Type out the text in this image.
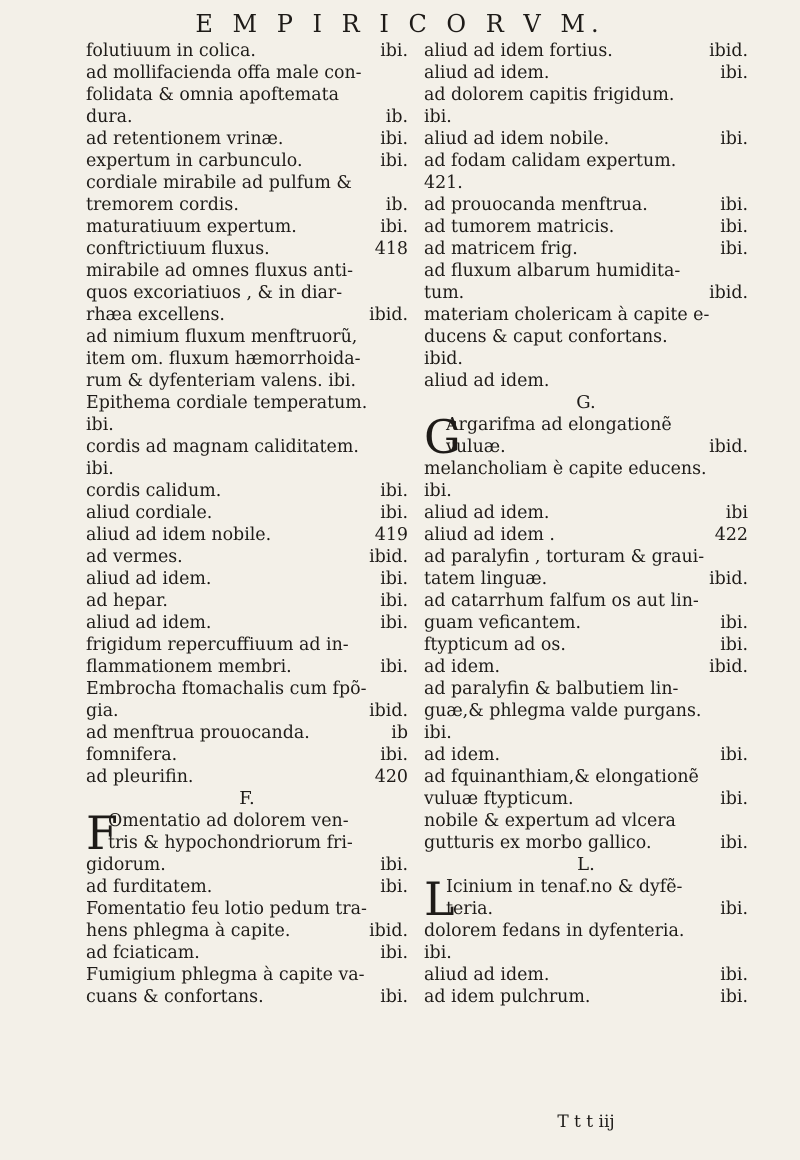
E M P I R I C O R V M.
folutiuum in colica.	ibi.
ad mollifacienda offa male con-
folidata & omnia apoftemata
dura.	ib.
ad retentionem vrinæ.	ibi.
expertum in carbunculo.	ibi.
cordiale mirabile ad pulfum &
tremorem cordis.	ib.
maturatiuum expertum.	ibi.
conftrictiuum fluxus.	418
mirabile ad omnes fluxus anti-
quos excoriatiuos , & in diar-
rhæa excellens.	ibid.
ad nimium fluxum menftruorũ,
item om. fluxum hæmorrhoida-
rum & dyfenteriam valens. ibi.
Epithema cordiale temperatum.
ibi.
cordis ad magnam caliditatem.
ibi.
cordis calidum.	ibi.
aliud cordiale.	ibi.
aliud ad idem nobile.	419
ad vermes.	ibid.
aliud ad idem.	ibi.
ad hepar.	ibi.
aliud ad idem.	ibi.
frigidum repercuffiuum ad in-
flammationem membri.	ibi.
Embrocha ftomachalis cum fpõ-
gia.	ibid.
ad menftrua prouocanda.	ib
fomnifera.	ibi.
ad pleurifin.	420
F.
F
Omentatio ad dolorem ven-
tris & hypochondriorum fri-
gidorum.	ibi.
ad furditatem.	ibi.
Fomentatio feu lotio pedum tra-
hens phlegma à capite.	ibid.
ad fciaticam.	ibi.
Fumigium phlegma à capite va-
cuans & confortans.	ibi.
aliud ad idem fortius.	ibid.
aliud ad idem.	ibi.
ad dolorem capitis frigidum.
ibi.
aliud ad idem nobile.	ibi.
ad fodam calidam expertum.
421.
ad prouocanda menftrua.	ibi.
ad tumorem matricis.	ibi.
ad matricem frig.	ibi.
ad fluxum albarum humidita-
tum.	ibid.
materiam cholericam à capite e-
ducens & caput confortans.
ibid.
aliud ad idem.
G.
G
Argarifma ad elongationẽ
vuluæ.	ibid.
melancholiam è capite educens.
ibi.
aliud ad idem.	ibi
aliud ad idem .	422
ad paralyfin , torturam & graui-
tatem linguæ.	ibid.
ad catarrhum falfum os aut lin-
guam veficantem.	ibi.
ftypticum ad os.	ibi.
ad idem.	ibid.
ad paralyfin & balbutiem lin-
guæ,& phlegma valde purgans.
ibi.
ad idem.	ibi.
ad fquinanthiam,& elongationẽ
vuluæ ftypticum.	ibi.
nobile & expertum ad vlcera
gutturis ex morbo gallico.	ibi.
L.
L
Icinium in tenaf.no & dyfẽ-
teria.	ibi.
dolorem fedans in dyfenteria.
ibi.
aliud ad idem.	ibi.
ad idem pulchrum.	ibi.
T t t iij
